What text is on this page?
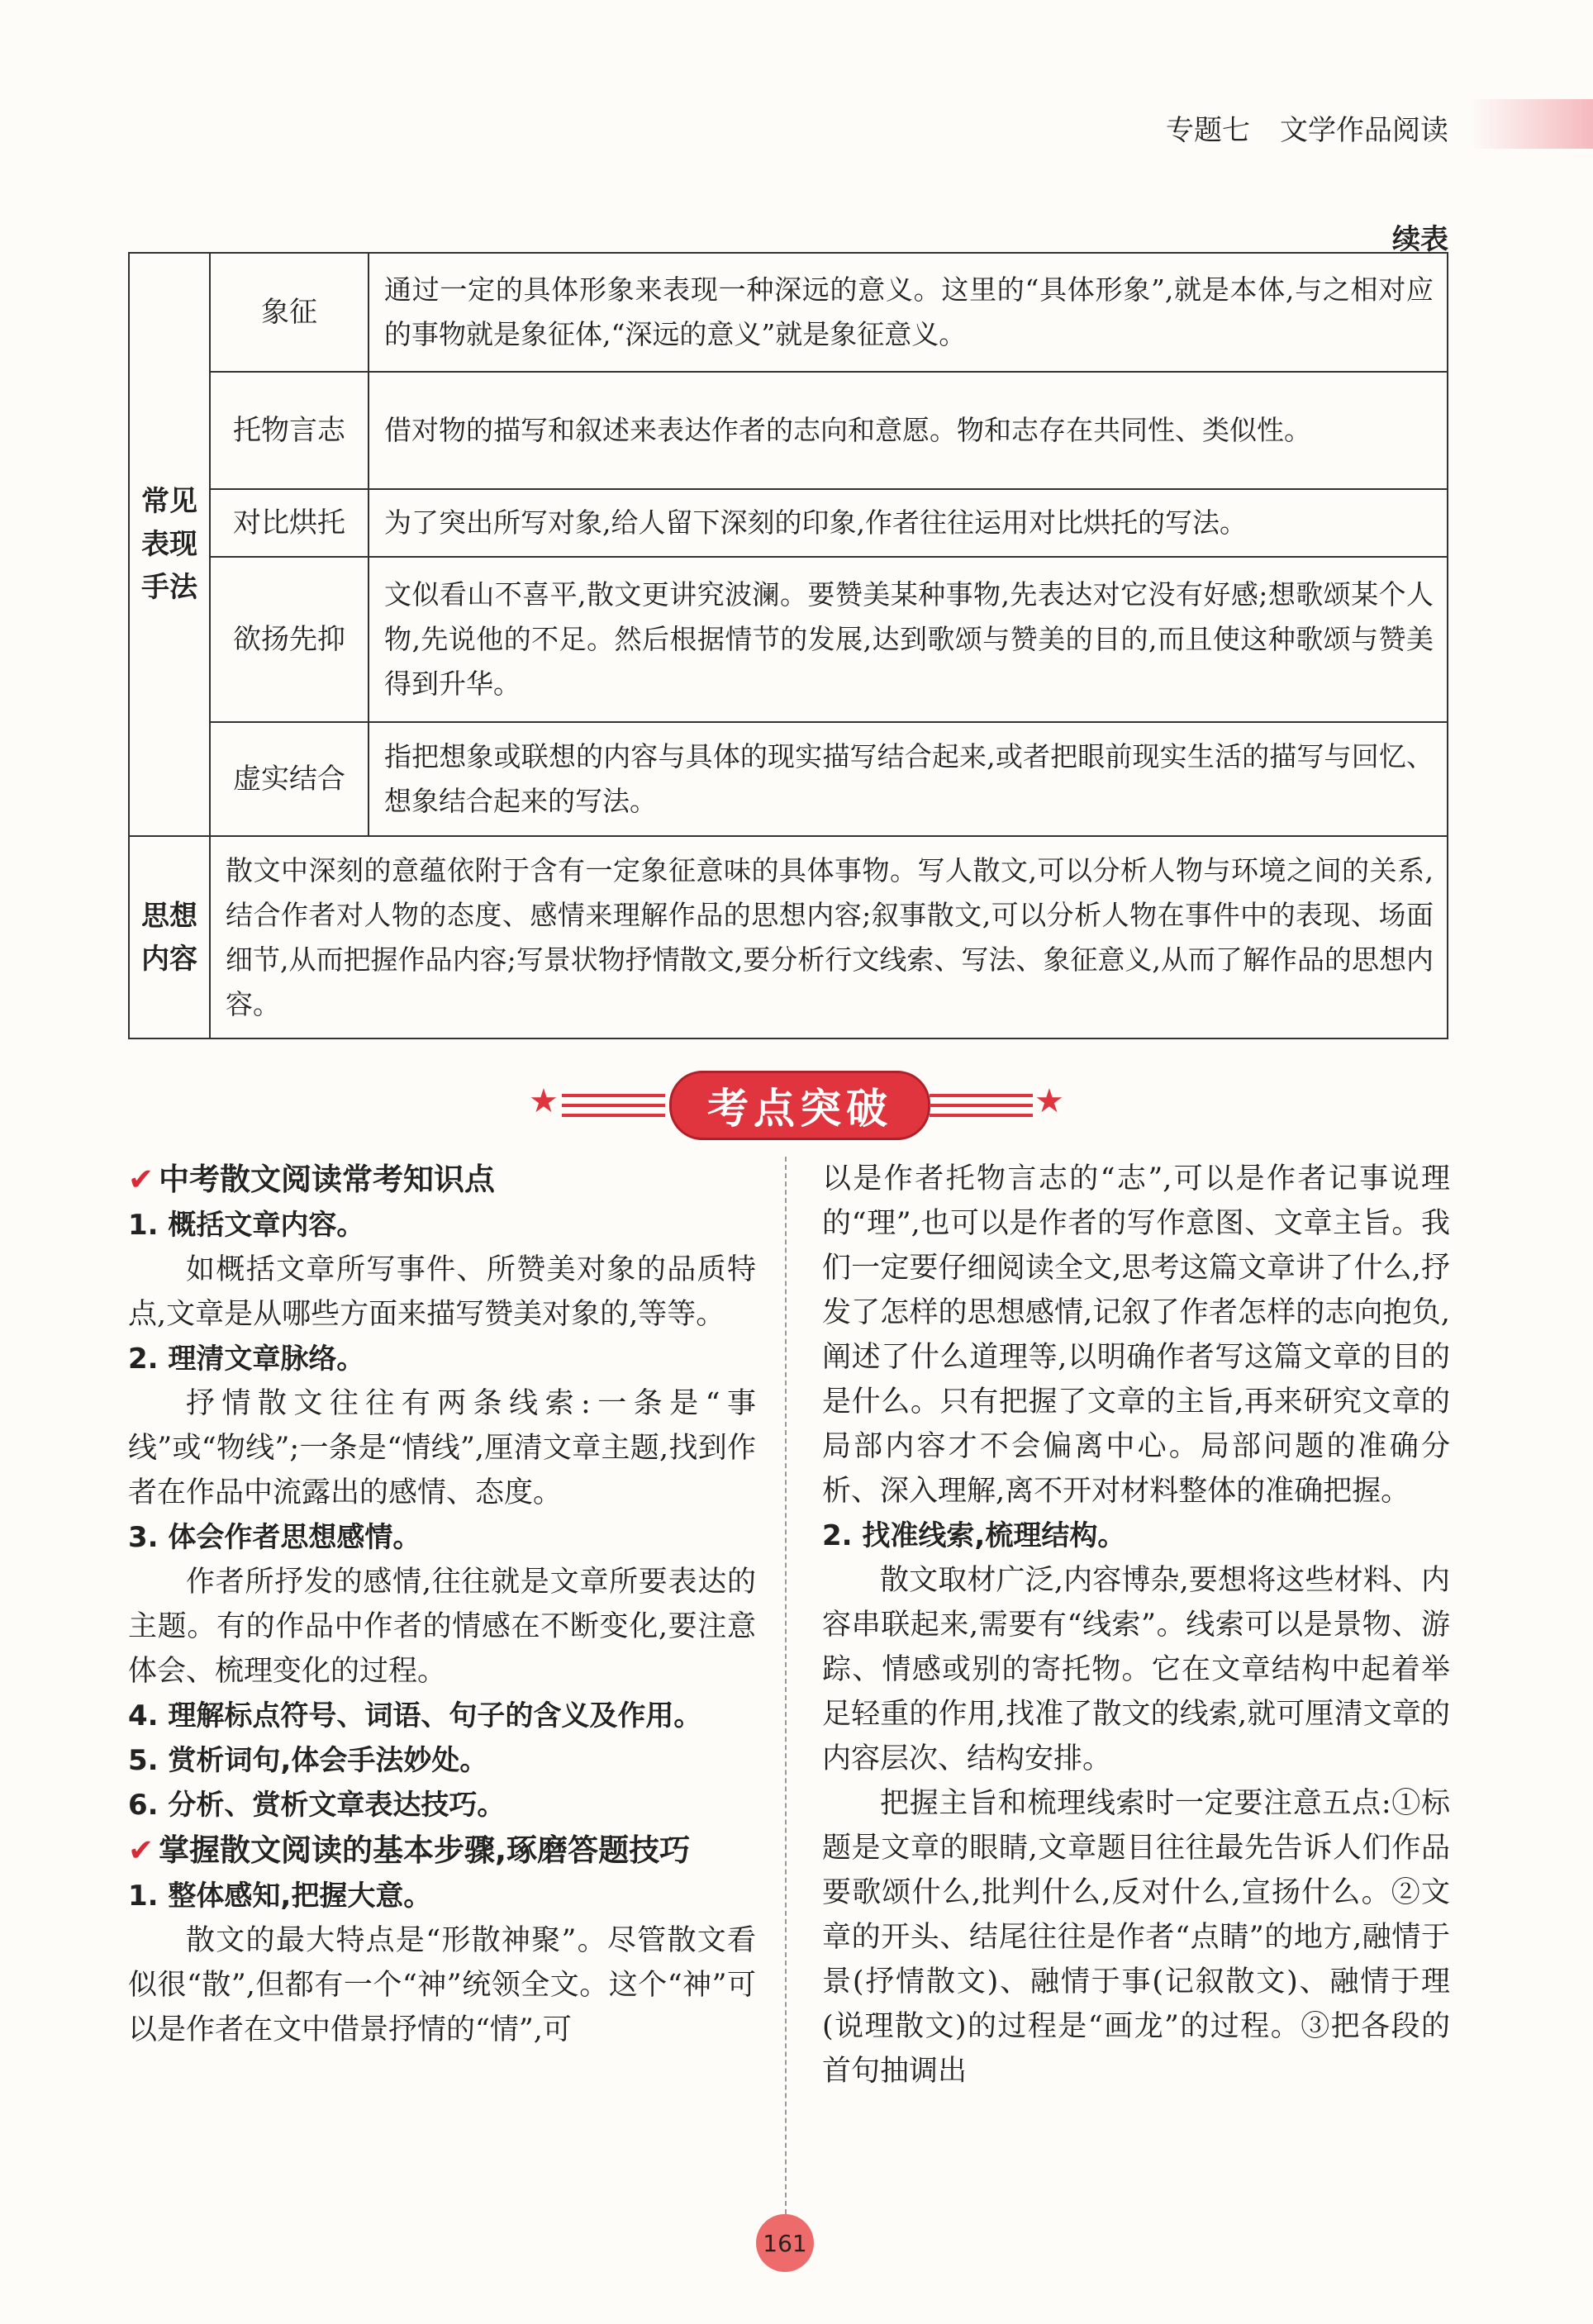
专题七 文学作品阅读
续表
常见表现手法	象征	通过一定的具体形象来表现一种深远的意义。这里的“具体形象”,就是本体,与之相对应的事物就是象征体,“深远的意义”就是象征意义。
	托物言志	借对物的描写和叙述来表达作者的志向和意愿。物和志存在共同性、类似性。
	对比烘托	为了突出所写对象,给人留下深刻的印象,作者往往运用对比烘托的写法。
	欲扬先抑	文似看山不喜平,散文更讲究波澜。要赞美某种事物,先表达对它没有好感;想歌颂某个人物,先说他的不足。然后根据情节的发展,达到歌颂与赞美的目的,而且使这种歌颂与赞美得到升华。
	虚实结合	指把想象或联想的内容与具体的现实描写结合起来,或者把眼前现实生活的描写与回忆、想象结合起来的写法。
思想内容	散文中深刻的意蕴依附于含有一定象征意味的具体事物。写人散文,可以分析人物与环境之间的关系,结合作者对人物的态度、感情来理解作品的思想内容;叙事散文,可以分析人物在事件中的表现、场面细节,从而把握作品内容;写景状物抒情散文,要分析行文线索、写法、象征意义,从而了解作品的思想内容。	
★	考点突破	★
✔ 中考散文阅读常考知识点
1. 概括文章内容。

如概括文章所写事件、所赞美对象的品质特点,文章是从哪些方面来描写赞美对象的,等等。

2. 理清文章脉络。

抒情散文往往有两条线索:一条是“事线”或“物线”;一条是“情线”,厘清文章主题,找到作者在作品中流露出的感情、态度。

3. 体会作者思想感情。

作者所抒发的感情,往往就是文章所要表达的主题。有的作品中作者的情感在不断变化,要注意体会、梳理变化的过程。

4. 理解标点符号、词语、句子的含义及作用。
5. 赏析词句,体会手法妙处。
6. 分析、赏析文章表达技巧。
✔ 掌握散文阅读的基本步骤,琢磨答题技巧
1. 整体感知,把握大意。

散文的最大特点是“形散神聚”。尽管散文看似很“散”,但都有一个“神”统领全文。这个“神”可以是作者在文中借景抒情的“情”,可

以是作者托物言志的“志”,可以是作者记事说理的“理”,也可以是作者的写作意图、文章主旨。我们一定要仔细阅读全文,思考这篇文章讲了什么,抒发了怎样的思想感情,记叙了作者怎样的志向抱负,阐述了什么道理等,以明确作者写这篇文章的目的是什么。只有把握了文章的主旨,再来研究文章的局部内容才不会偏离中心。局部问题的准确分析、深入理解,离不开对材料整体的准确把握。

2. 找准线索,梳理结构。

散文取材广泛,内容博杂,要想将这些材料、内容串联起来,需要有“线索”。线索可以是景物、游踪、情感或别的寄托物。它在文章结构中起着举足轻重的作用,找准了散文的线索,就可厘清文章的内容层次、结构安排。

把握主旨和梳理线索时一定要注意五点:①标题是文章的眼睛,文章题目往往最先告诉人们作品要歌颂什么,批判什么,反对什么,宣扬什么。②文章的开头、结尾往往是作者“点睛”的地方,融情于景(抒情散文)、融情于事(记叙散文)、融情于理(说理散文)的过程是“画龙”的过程。③把各段的首句抽调出

161
